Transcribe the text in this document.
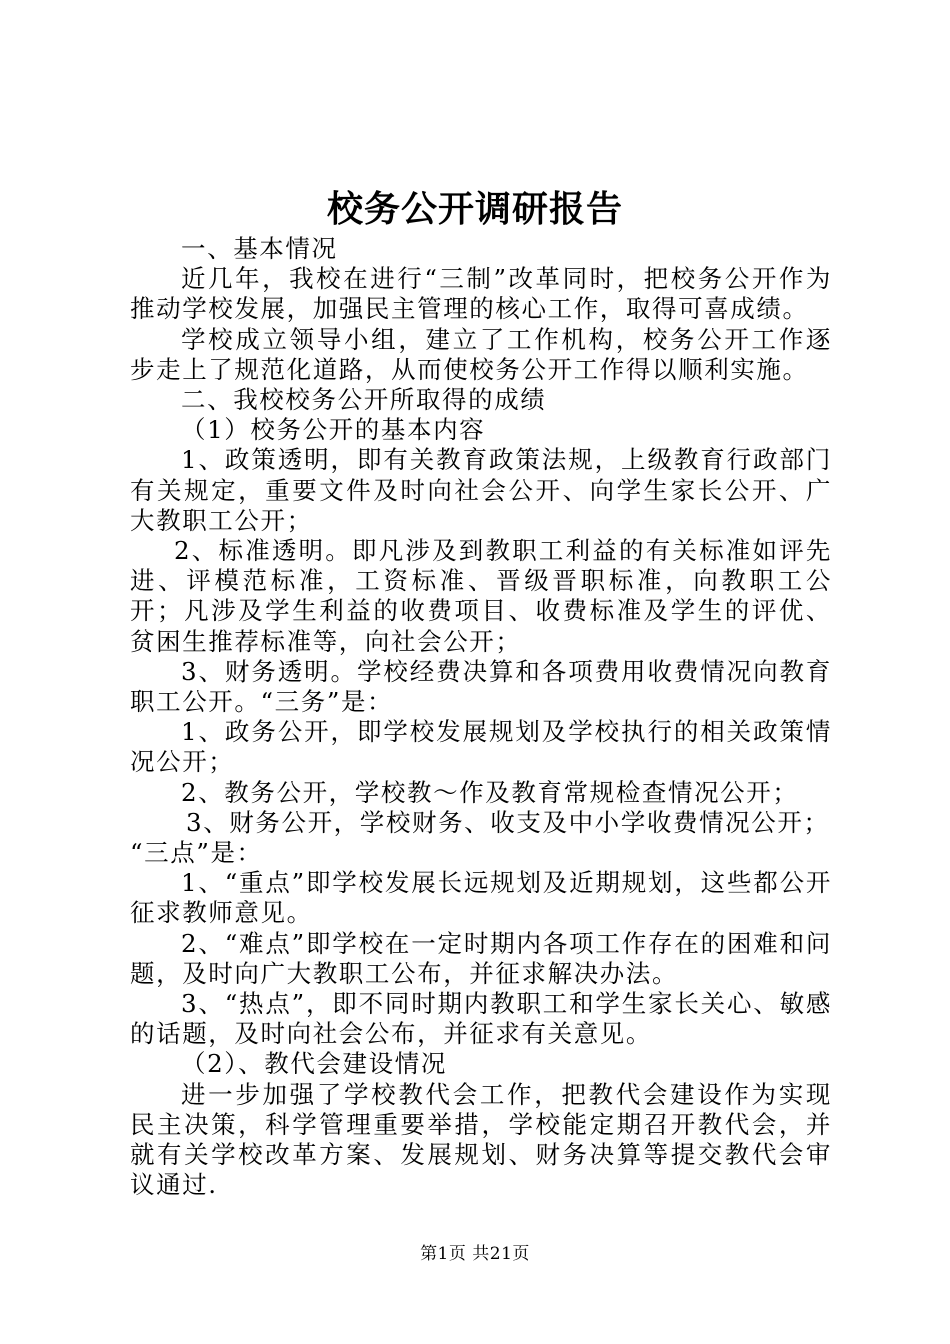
校务公开调研报告

一、基本情况

近几年，我校在进行“三制”改革同时，把校务公开作为推动学校发展，加强民主管理的核心工作，取得可喜成绩。

学校成立领导小组，建立了工作机构，校务公开工作逐步走上了规范化道路，从而使校务公开工作得以顺利实施。

二、我校校务公开所取得的成绩

（1）校务公开的基本内容

1、政策透明，即有关教育政策法规，上级教育行政部门有关规定，重要文件及时向社会公开、向学生家长公开、广大教职工公开；

2、标准透明。即凡涉及到教职工利益的有关标准如评先进、评模范标准，工资标准、晋级晋职标准，向教职工公开；凡涉及学生利益的收费项目、收费标准及学生的评优、贫困生推荐标准等，向社会公开；

3、财务透明。学校经费决算和各项费用收费情况向教育职工公开。“三务”是：

1、政务公开，即学校发展规划及学校执行的相关政策情况公开；

2、教务公开，学校教～作及教育常规检查情况公开；

3、财务公开，学校财务、收支及中小学收费情况公开；

“三点”是：

1、“重点”即学校发展长远规划及近期规划，这些都公开征求教师意见。

2、“难点”即学校在一定时期内各项工作存在的困难和问题，及时向广大教职工公布，并征求解决办法。

3、“热点”，即不同时期内教职工和学生家长关心、敏感的话题，及时向社会公布，并征求有关意见。

（2）、教代会建设情况

进一步加强了学校教代会工作，把教代会建设作为实现民主决策，科学管理重要举措，学校能定期召开教代会，并就有关学校改革方案、发展规划、财务决算等提交教代会审议通过.

第1页 共21页
